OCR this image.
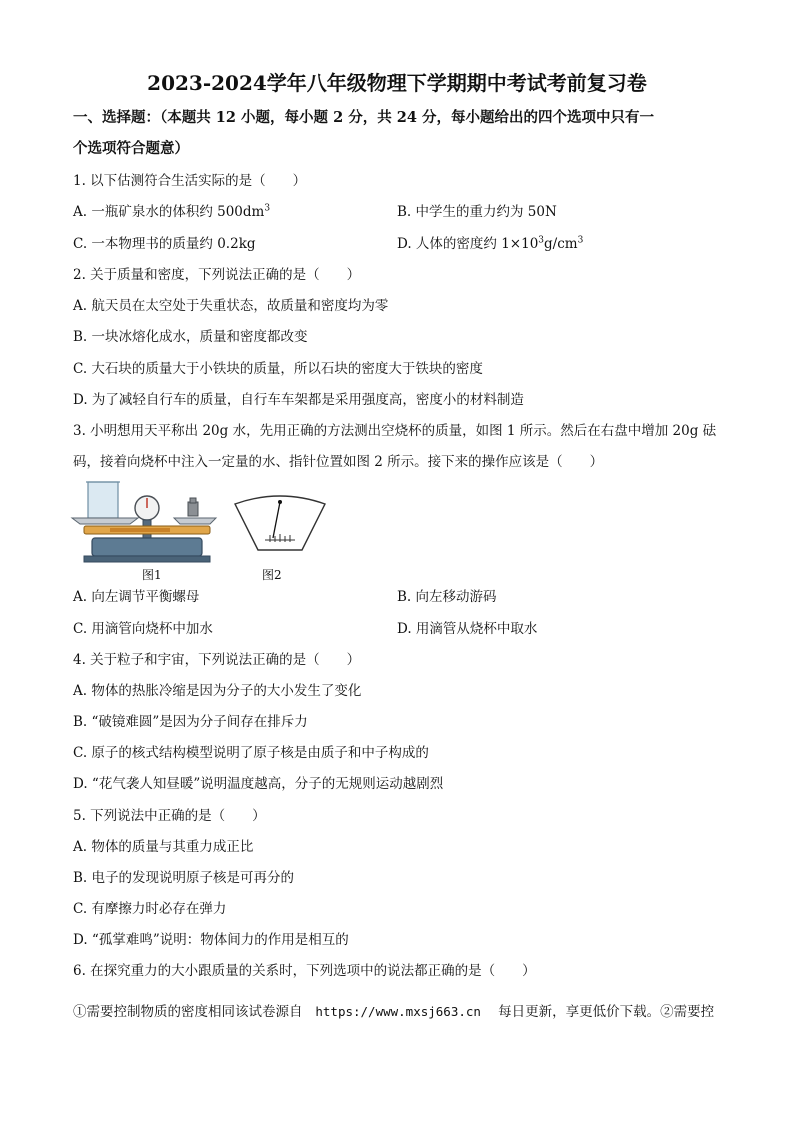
2023-2024学年八年级物理下学期期中考试考前复习卷
一、选择题：（本题共 12 小题，每小题 2 分，共 24 分，每小题给出的四个选项中只有一
个选项符合题意）
1. 以下估测符合生活实际的是（　　）
A. 一瓶矿泉水的体积约 $500dm^3$	B. 中学生的重力约为 50N
C. 一本物理书的质量约 0.2kg	D. 人体的密度约 $1\times 10^3g/cm^3$
2. 关于质量和密度，下列说法正确的是（　　）
A. 航天员在太空处于失重状态，故质量和密度均为零
B. 一块冰熔化成水，质量和密度都改变
C. 大石块的质量大于小铁块的质量，所以石块的密度大于铁块的密度
D. 为了减轻自行车的质量，自行车车架都是采用强度高，密度小的材料制造
3. 小明想用天平称出 20g 水，先用正确的方法测出空烧杯的质量，如图 1 所示。然后在右盘中增加 20g 砝
码，接着向烧杯中注入一定量的水、指针位置如图 2 所示。接下来的操作应该是（　　）
图1	图2
A. 向左调节平衡螺母	B. 向左移动游码
C. 用滴管向烧杯中加水	D. 用滴管从烧杯中取水
4. 关于粒子和宇宙，下列说法正确的是（　　）
A. 物体的热胀冷缩是因为分子的大小发生了变化
B. “破镜难圆”是因为分子间存在排斥力
C. 原子的核式结构模型说明了原子核是由质子和中子构成的
D. “花气袭人知昼暖”说明温度越高，分子的无规则运动越剧烈
5. 下列说法中正确的是（　　）
A. 物体的质量与其重力成正比
B. 电子的发现说明原子核是可再分的
C. 有摩擦力时必存在弹力
D. “孤掌难鸣”说明：物体间力的作用是相互的
6. 在探究重力的大小跟质量的关系时，下列选项中的说法都正确的是（　　）
①需要控制物质的密度相同该试卷源自 https://www.mxsj663.cn 每日更新，享更低价下载。②需要控
